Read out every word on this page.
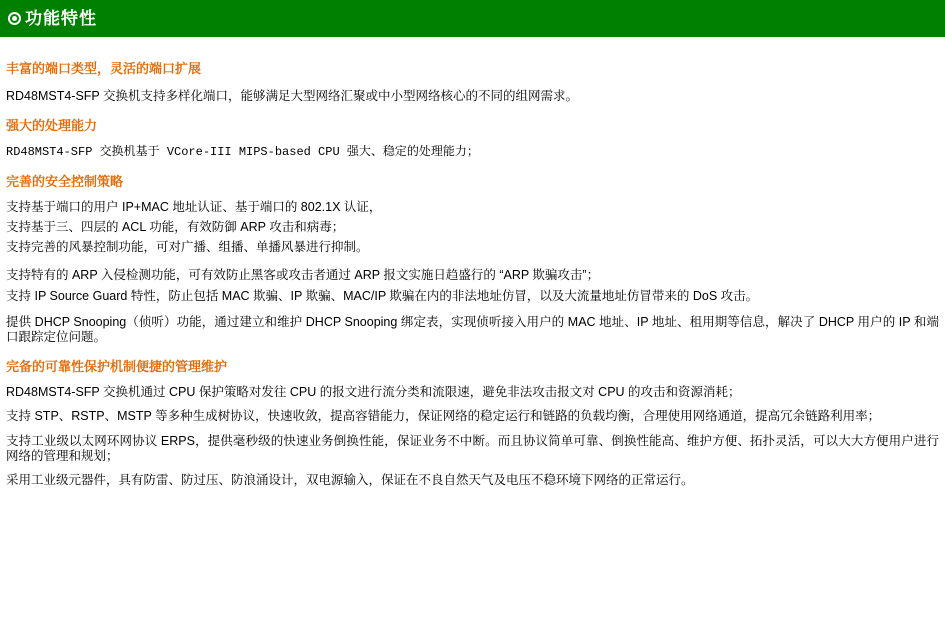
功能特性
丰富的端口类型，灵活的端口扩展
RD48MST4-SFP 交换机支持多样化端口，能够满足大型网络汇聚或中小型网络核心的不同的组网需求。
强大的处理能力
RD48MST4-SFP 交换机基于 VCore-III MIPS-based CPU 强大、稳定的处理能力；
完善的安全控制策略
支持基于端口的用户 IP+MAC 地址认证、基于端口的 802.1X 认证，
支持基于三、四层的 ACL 功能，有效防御 ARP 攻击和病毒；
支持完善的风暴控制功能，可对广播、组播、单播风暴进行抑制。
支持特有的 ARP 入侵检测功能，可有效防止黑客或攻击者通过 ARP 报文实施日趋盛行的 “ARP 欺骗攻击”；
支持 IP Source Guard 特性，防止包括 MAC 欺骗、IP 欺骗、MAC/IP 欺骗在内的非法地址仿冒，以及大流量地址仿冒带来的 DoS 攻击。
提供 DHCP Snooping（侦听）功能，通过建立和维护 DHCP Snooping 绑定表，实现侦听接入用户的 MAC 地址、IP 地址、租用期等信息，解决了 DHCP 用户的 IP 和端口跟踪定位问题。
完备的可靠性保护机制便捷的管理维护
RD48MST4-SFP 交换机通过 CPU 保护策略对发往 CPU 的报文进行流分类和流限速，避免非法攻击报文对 CPU 的攻击和资源消耗；
支持 STP、RSTP、MSTP 等多种生成树协议，快速收敛，提高容错能力，保证网络的稳定运行和链路的负载均衡，合理使用网络通道，提高冗余链路利用率；
支持工业级以太网环网协议 ERPS，提供毫秒级的快速业务倒换性能，保证业务不中断。而且协议简单可靠、倒换性能高、维护方便、拓扑灵活，可以大大方便用户进行网络的管理和规划；
采用工业级元器件，具有防雷、防过压、防浪涌设计，双电源输入，保证在不良自然天气及电压不稳环境下网络的正常运行。
